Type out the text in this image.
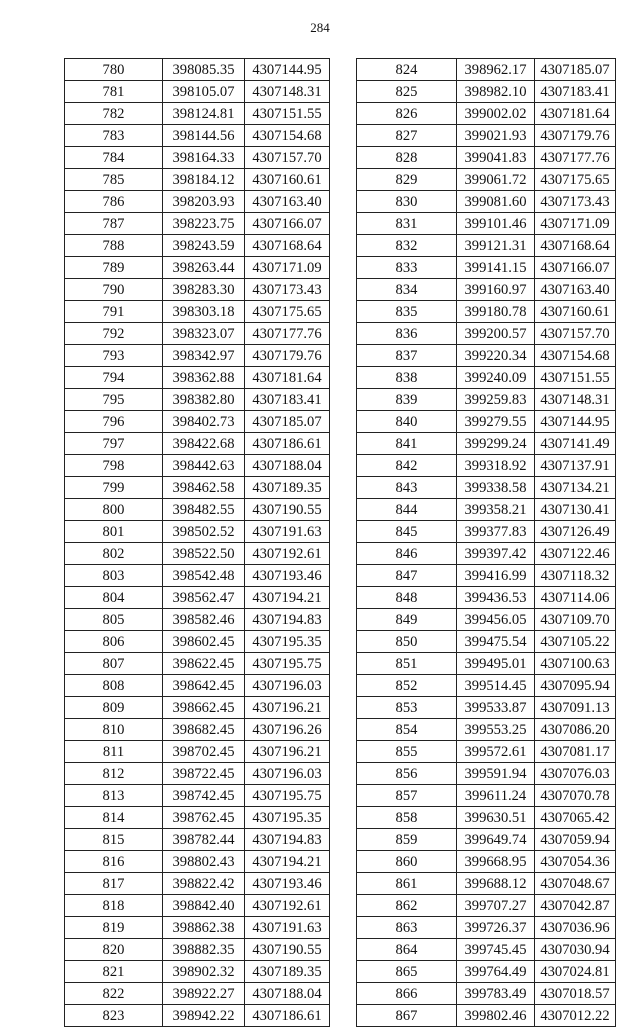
284
780	398085.35	4307144.95
781	398105.07	4307148.31
782	398124.81	4307151.55
783	398144.56	4307154.68
784	398164.33	4307157.70
785	398184.12	4307160.61
786	398203.93	4307163.40
787	398223.75	4307166.07
788	398243.59	4307168.64
789	398263.44	4307171.09
790	398283.30	4307173.43
791	398303.18	4307175.65
792	398323.07	4307177.76
793	398342.97	4307179.76
794	398362.88	4307181.64
795	398382.80	4307183.41
796	398402.73	4307185.07
797	398422.68	4307186.61
798	398442.63	4307188.04
799	398462.58	4307189.35
800	398482.55	4307190.55
801	398502.52	4307191.63
802	398522.50	4307192.61
803	398542.48	4307193.46
804	398562.47	4307194.21
805	398582.46	4307194.83
806	398602.45	4307195.35
807	398622.45	4307195.75
808	398642.45	4307196.03
809	398662.45	4307196.21
810	398682.45	4307196.26
811	398702.45	4307196.21
812	398722.45	4307196.03
813	398742.45	4307195.75
814	398762.45	4307195.35
815	398782.44	4307194.83
816	398802.43	4307194.21
817	398822.42	4307193.46
818	398842.40	4307192.61
819	398862.38	4307191.63
820	398882.35	4307190.55
821	398902.32	4307189.35
822	398922.27	4307188.04
823	398942.22	4307186.61
824	398962.17	4307185.07
825	398982.10	4307183.41
826	399002.02	4307181.64
827	399021.93	4307179.76
828	399041.83	4307177.76
829	399061.72	4307175.65
830	399081.60	4307173.43
831	399101.46	4307171.09
832	399121.31	4307168.64
833	399141.15	4307166.07
834	399160.97	4307163.40
835	399180.78	4307160.61
836	399200.57	4307157.70
837	399220.34	4307154.68
838	399240.09	4307151.55
839	399259.83	4307148.31
840	399279.55	4307144.95
841	399299.24	4307141.49
842	399318.92	4307137.91
843	399338.58	4307134.21
844	399358.21	4307130.41
845	399377.83	4307126.49
846	399397.42	4307122.46
847	399416.99	4307118.32
848	399436.53	4307114.06
849	399456.05	4307109.70
850	399475.54	4307105.22
851	399495.01	4307100.63
852	399514.45	4307095.94
853	399533.87	4307091.13
854	399553.25	4307086.20
855	399572.61	4307081.17
856	399591.94	4307076.03
857	399611.24	4307070.78
858	399630.51	4307065.42
859	399649.74	4307059.94
860	399668.95	4307054.36
861	399688.12	4307048.67
862	399707.27	4307042.87
863	399726.37	4307036.96
864	399745.45	4307030.94
865	399764.49	4307024.81
866	399783.49	4307018.57
867	399802.46	4307012.22
